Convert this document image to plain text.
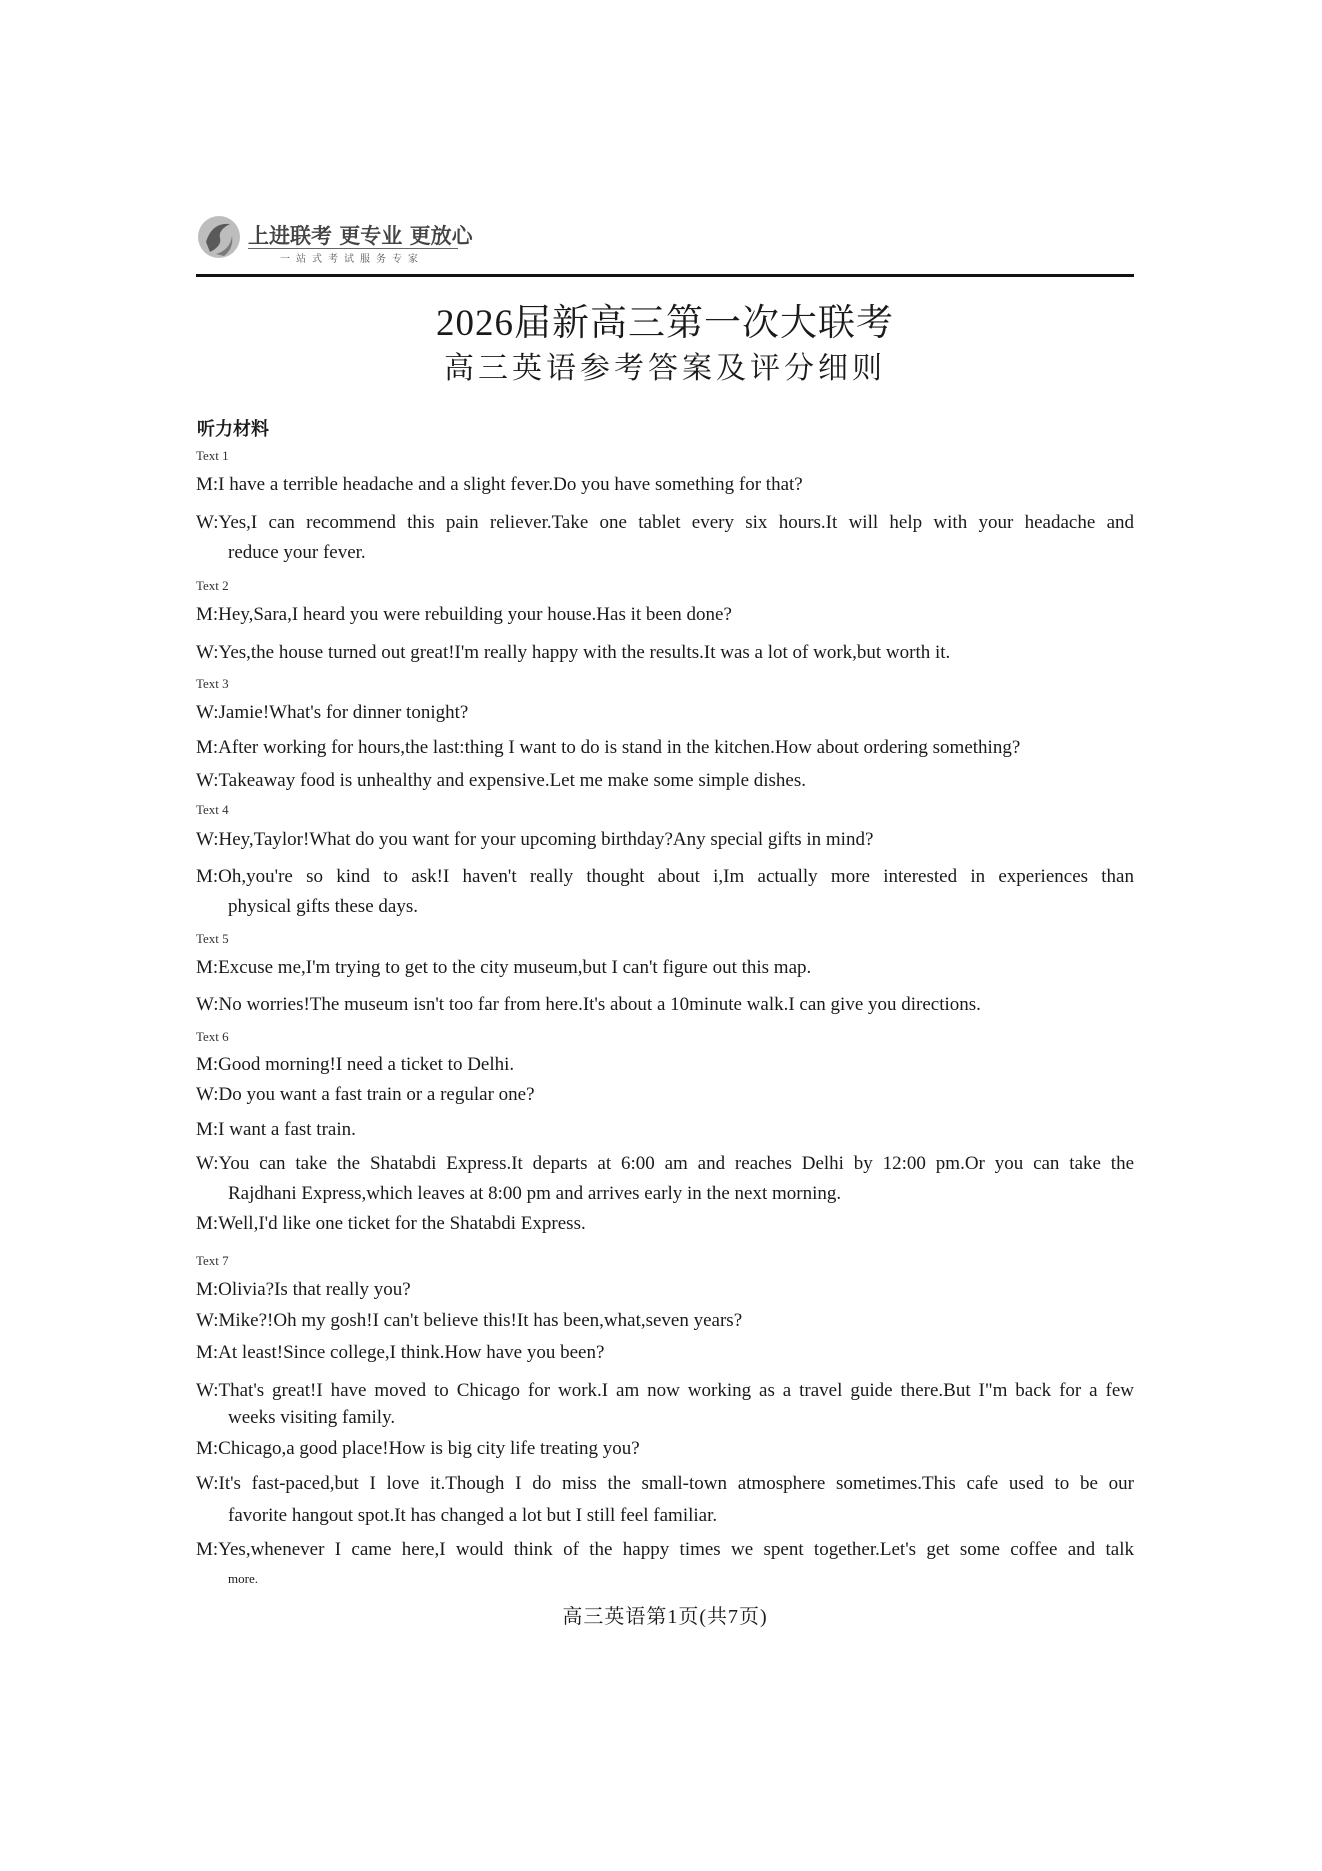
上进联考 更专业 更放心
一站式考试服务专家
2026届新高三第一次大联考
高三英语参考答案及评分细则
听力材料
Text 1
M:I have a terrible headache and a slight fever.Do you have something for that?
W:Yes,I can recommend this pain reliever.Take one tablet every six hours.It will help with your headache and
reduce your fever.
Text 2
M:Hey,Sara,I heard you were rebuilding your house.Has it been done?
W:Yes,the house turned out great!I'm really happy with the results.It was a lot of work,but worth it.
Text 3
W:Jamie!What's for dinner tonight?
M:After working for hours,the last:thing I want to do is stand in the kitchen.How about ordering something?
W:Takeaway food is unhealthy and expensive.Let me make some simple dishes.
Text 4
W:Hey,Taylor!What do you want for your upcoming birthday?Any special gifts in mind?
M:Oh,you're so kind to ask!I haven't really thought about i,Im actually more interested in experiences than
physical gifts these days.
Text 5
M:Excuse me,I'm trying to get to the city museum,but I can't figure out this map.
W:No worries!The museum isn't too far from here.It's about a 10minute walk.I can give you directions.
Text 6
M:Good morning!I need a ticket to Delhi.
W:Do you want a fast train or a regular one?
M:I want a fast train.
W:You can take the Shatabdi Express.It departs at 6:00 am and reaches Delhi by 12:00 pm.Or you can take the
Rajdhani Express,which leaves at 8:00 pm and arrives early in the next morning.
M:Well,I'd like one ticket for the Shatabdi Express.
Text 7
M:Olivia?Is that really you?
W:Mike?!Oh my gosh!I can't believe this!It has been,what,seven years?
M:At least!Since college,I think.How have you been?
W:That's great!I have moved to Chicago for work.I am now working as a travel guide there.But I"m back for a few
weeks visiting family.
M:Chicago,a good place!How is big city life treating you?
W:It's fast-paced,but I love it.Though I do miss the small-town atmosphere sometimes.This cafe used to be our
favorite hangout spot.It has changed a lot but I still feel familiar.
M:Yes,whenever I came here,I would think of the happy times we spent together.Let's get some coffee and talk
more.
高三英语第1页(共7页)
